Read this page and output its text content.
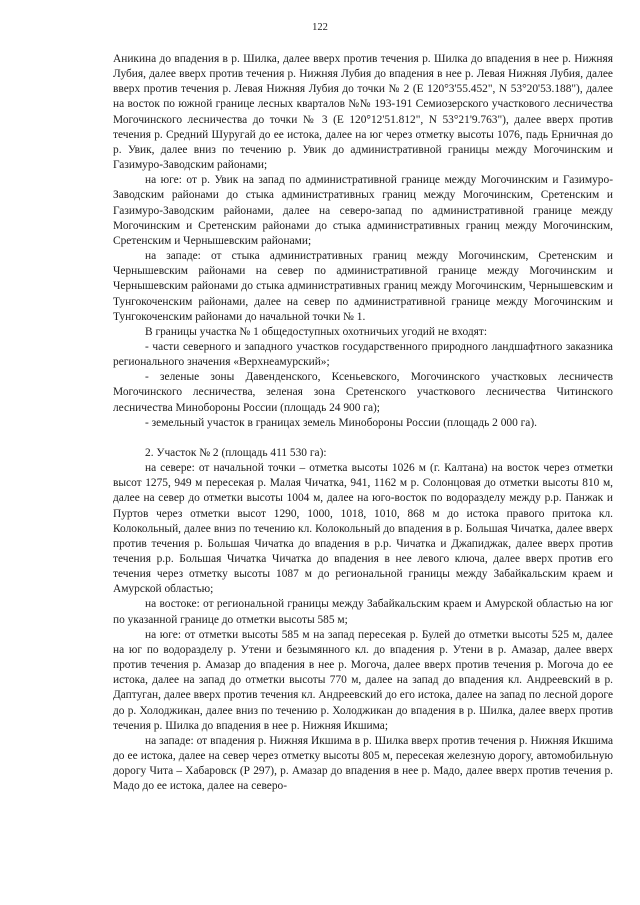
122

Аникина до впадения в р. Шилка, далее вверх против течения р. Шилка до впадения в нее р. Нижняя Лубия, далее вверх против течения р. Нижняя Лубия до впадения в нее р. Левая Нижняя Лубия, далее вверх против течения р. Левая Нижняя Лубия до точки № 2 (E 120°3'55.452", N 53°20'53.188"), далее на восток по южной границе лесных кварталов №№ 193-191 Семиозерского участкового лесничества Могочинского лесничества до точки № 3 (E 120°12'51.812", N 53°21'9.763"), далее вверх против течения р. Средний Шуругай до ее истока, далее на юг через отметку высоты 1076, падь Ерничная до р. Увик, далее вниз по течению р. Увик до административной границы между Могочинским и Газимуро-Заводским районами;

на юге: от р. Увик на запад по административной границе между Могочинским и Газимуро-Заводским районами до стыка административных границ между Могочинским, Сретенским и Газимуро-Заводским районами, далее на северо-запад по административной границе между Могочинским и Сретенским районами до стыка административных границ между Могочинским, Сретенским и Чернышевским районами;

на западе: от стыка административных границ между Могочинским, Сретенским и Чернышевским районами на север по административной границе между Могочинским и Чернышевским районами до стыка административных границ между Могочинским, Чернышевским и Тунгокоченским районами, далее на север по административной границе между Могочинским и Тунгокоченским районами до начальной точки № 1.

В границы участка № 1 общедоступных охотничьих угодий не входят:

- части северного и западного участков государственного природного ландшафтного заказника регионального значения «Верхнеамурский»;

- зеленые зоны Давенденского, Ксеньевского, Могочинского участковых лесничеств Могочинского лесничества, зеленая зона Сретенского участкового лесничества Читинского лесничества Минобороны России (площадь 24 900 га);

- земельный участок в границах земель Минобороны России (площадь 2 000 га).

2. Участок № 2 (площадь 411 530 га):

на севере: от начальной точки – отметка высоты 1026 м (г. Калтана) на восток через отметки высот 1275, 949 м пересекая р. Малая Чичатка, 941, 1162 м р. Солонцовая до отметки высоты 810 м, далее на север до отметки высоты 1004 м, далее на юго-восток по водоразделу между р.р. Панжак и Пуртов через отметки высот 1290, 1000, 1018, 1010, 868 м до истока правого притока кл. Колокольный, далее вниз по течению кл. Колокольный до впадения в р. Большая Чичатка, далее вверх против течения р. Большая Чичатка до впадения в р.р. Чичатка и Джапиджак, далее вверх против течения р.р. Большая Чичатка Чичатка до впадения в нее левого ключа, далее вверх против его течения через отметку высоты 1087 м до региональной границы между Забайкальским краем и Амурской областью;

на востоке: от региональной границы между Забайкальским краем и Амурской областью на юг по указанной границе до отметки высоты 585 м;

на юге: от отметки высоты 585 м на запад пересекая р. Булей до отметки высоты 525 м, далее на юг по водоразделу р. Утени и безымянного кл. до впадения р. Утени в р. Амазар, далее вверх против течения р. Амазар до впадения в нее р. Могоча, далее вверх против течения р. Могоча до ее истока, далее на запад до отметки высоты 770 м, далее на запад до впадения кл. Андреевский в р. Даптуган, далее вверх против течения кл. Андреевский до его истока, далее на запад по лесной дороге до р. Холоджикан, далее вниз по течению р. Холоджикан до впадения в р. Шилка, далее вверх против течения р. Шилка до впадения в нее р. Нижняя Икшима;

на западе: от впадения р. Нижняя Икшима в р. Шилка вверх против течения р. Нижняя Икшима до ее истока, далее на север через отметку высоты 805 м, пересекая железную дорогу, автомобильную дорогу Чита – Хабаровск (Р 297), р. Амазар до впадения в нее р. Мадо, далее вверх против течения р. Мадо до ее истока, далее на северо-
